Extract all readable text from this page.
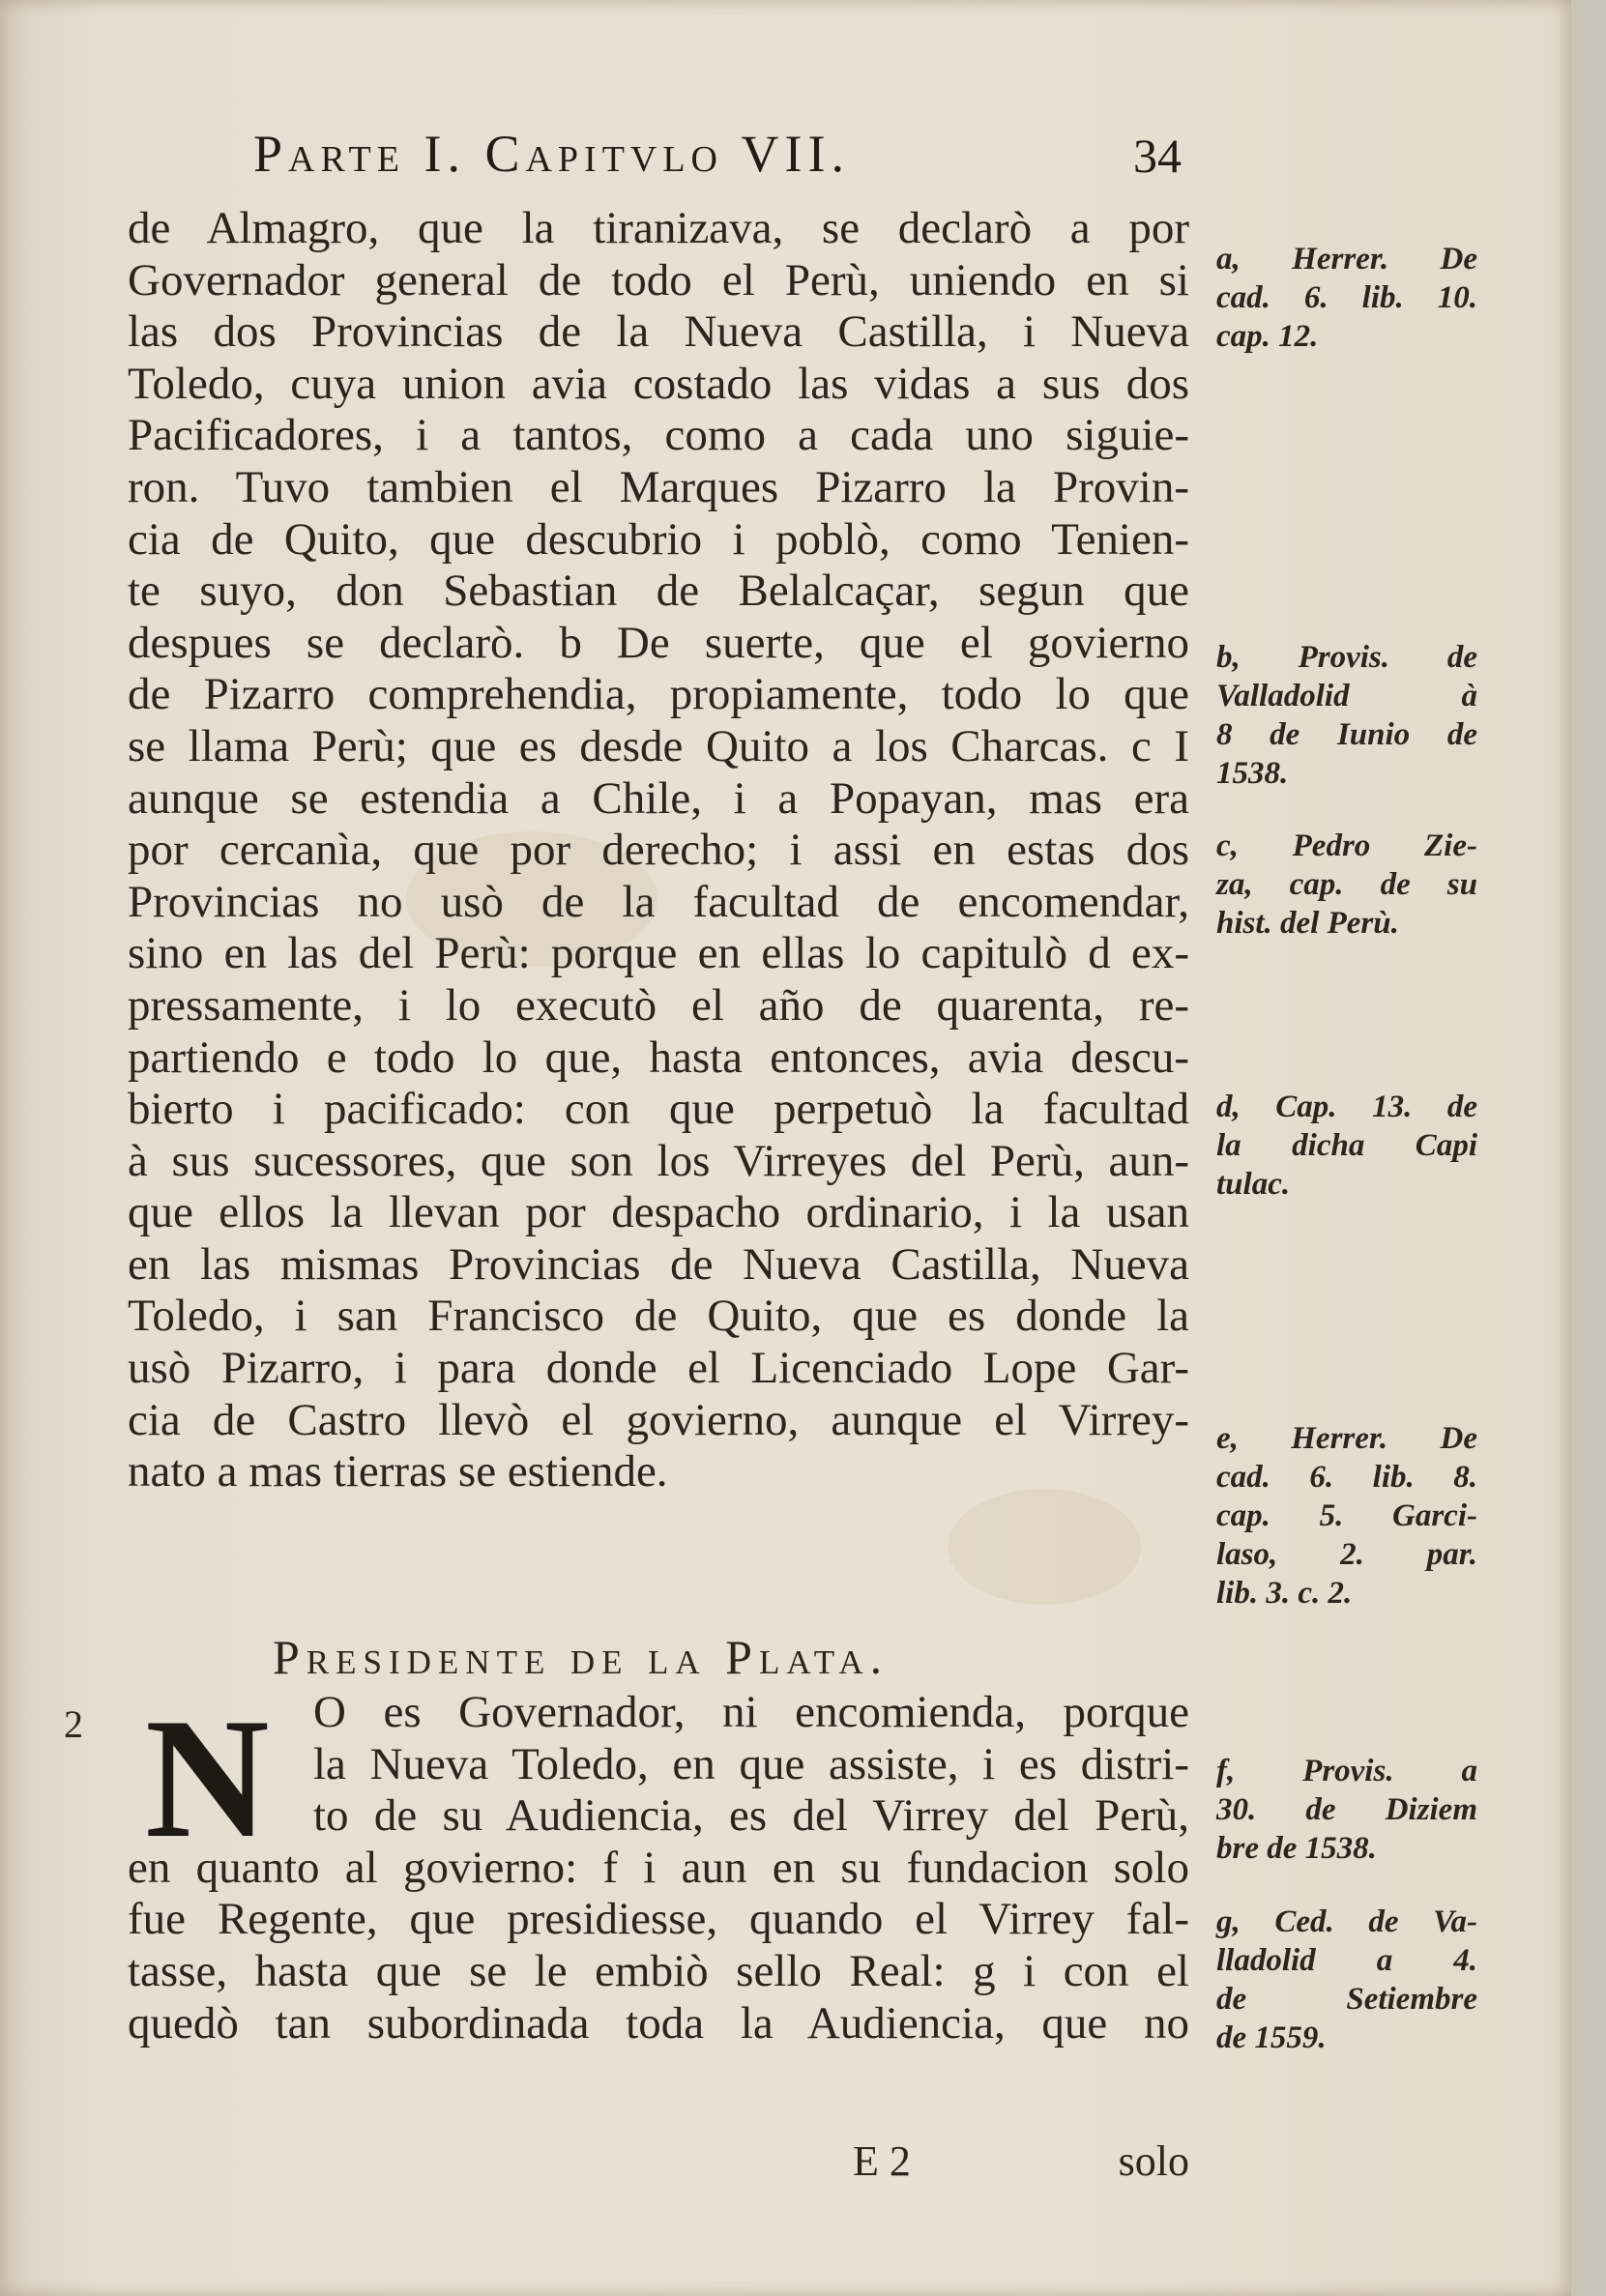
Parte I. Capitvlo VII.	34
de Almagro, que la tiranizava, se declarò a por
Governador general de todo el Perù, uniendo en si
las dos Provincias de la Nueva Castilla, i Nueva
Toledo, cuya union avia costado las vidas a sus dos
Pacificadores, i a tantos, como a cada uno siguie-
ron. Tuvo tambien el Marques Pizarro la Provin-
cia de Quito, que descubrio i poblò, como Tenien-
te suyo, don Sebastian de Belalcaçar, segun que
despues se declarò. b De suerte, que el govierno
de Pizarro comprehendia, propiamente, todo lo que
se llama Perù; que es desde Quito a los Charcas. c I
aunque se estendia a Chile, i a Popayan, mas era
por cercanìa, que por derecho; i assi en estas dos
Provincias no usò de la facultad de encomendar,
sino en las del Perù: porque en ellas lo capitulò d ex-
pressamente, i lo executò el año de quarenta, re-
partiendo e todo lo que, hasta entonces, avia descu-
bierto i pacificado: con que perpetuò la facultad
à sus sucessores, que son los Virreyes del Perù, aun-
que ellos la llevan por despacho ordinario, i la usan
en las mismas Provincias de Nueva Castilla, Nueva
Toledo, i san Francisco de Quito, que es donde la
usò Pizarro, i para donde el Licenciado Lope Gar-
cia de Castro llevò el govierno, aunque el Virrey-
nato a mas tierras se estiende.
Presidente de la Plata.
2 N O es Governador, ni encomienda, porque
la Nueva Toledo, en que assiste, i es distri-
to de su Audiencia, es del Virrey del Perù,
en quanto al govierno: f i aun en su fundacion solo
fue Regente, que presidiesse, quando el Virrey fal-
tasse, hasta que se le embiò sello Real: g i con el
quedò tan subordinada toda la Audiencia, que no
E 2	solo
a, Herrer. De
cad. 6. lib. 10.
cap. 12.
b, Provis. de
Valladolid à
8 de Iunio de
1538.
c, Pedro Zie-
za, cap. de su
hist. del Perù.
d, Cap. 13. de
la dicha Capi
tulac.
e, Herrer. De
cad. 6. lib. 8.
cap. 5. Garci-
laso, 2. par.
lib. 3. c. 2.
f, Provis. a
30. de Diziem
bre de 1538.
g, Ced. de Va-
lladolid a 4.
de Setiembre
de 1559.
